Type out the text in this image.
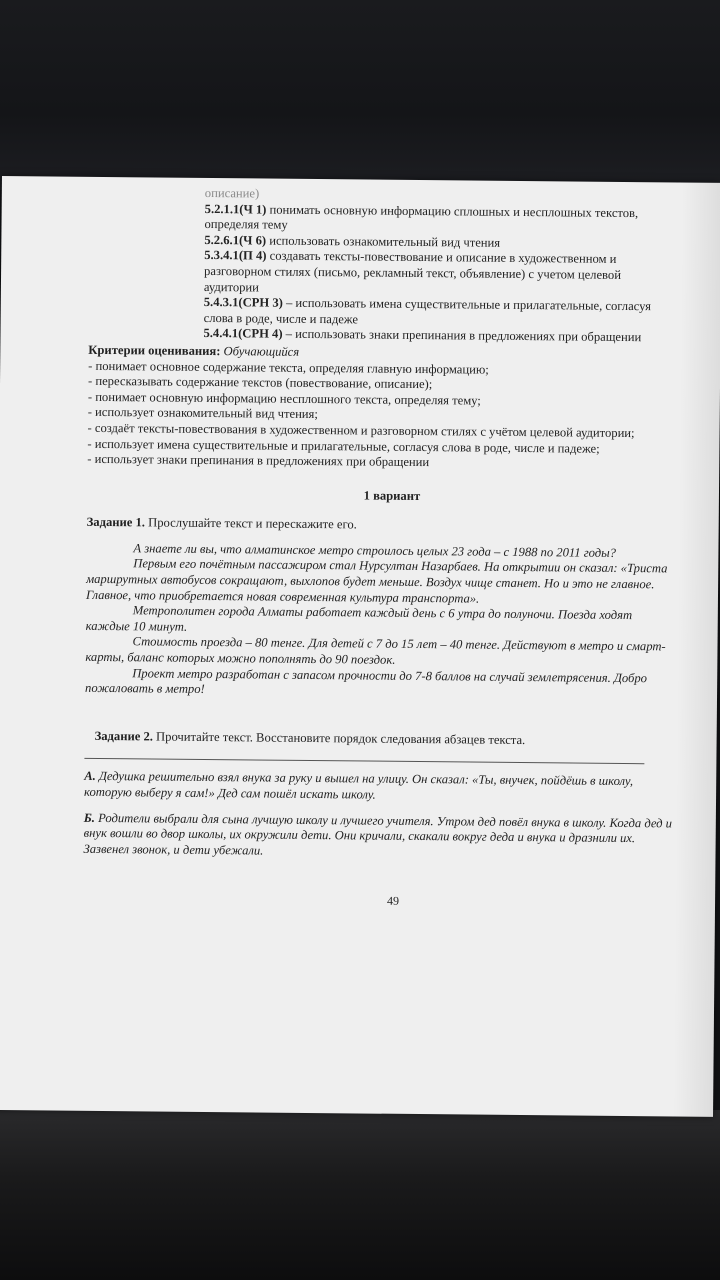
описание)

5.2.1.1(Ч 1) понимать основную информацию сплошных и несплошных текстов, определяя тему

5.2.6.1(Ч 6) использовать ознакомительный вид чтения

5.3.4.1(П 4) создавать тексты-повествование и описание в художественном и разговорном стилях (письмо, рекламный текст, объявление) с учетом целевой аудитории

5.4.3.1(СРН 3) – использовать имена существительные и прилагательные, согласуя слова в роде, числе и падеже

5.4.4.1(СРН 4) – использовать знаки препинания в предложениях при обращении

Критерии оценивания: Обучающийся

- понимает основное содержание текста, определяя главную информацию;

- пересказывать содержание текстов (повествование, описание);

- понимает основную информацию несплошного текста, определяя тему;

- использует ознакомительный вид чтения;

- создаёт тексты-повествования в художественном и разговорном стилях с учётом целевой аудитории;

- использует имена существительные и прилагательные, согласуя слова в роде, числе и падеже;

- использует знаки препинания в предложениях при обращении

1 вариант

Задание 1. Прослушайте текст и перескажите его.

А знаете ли вы, что алматинское метро строилось целых 23 года – с 1988 по 2011 годы?

Первым его почётным пассажиром стал Нурсултан Назарбаев. На открытии он сказал: «Триста маршрутных автобусов сокращают, выхлопов будет меньше. Воздух чище станет. Но и это не главное. Главное, что приобретается новая современная культура транспорта».

Метрополитен города Алматы работает каждый день с 6 утра до полуночи. Поезда ходят каждые 10 минут.

Стоимость проезда – 80 тенге. Для детей с 7 до 15 лет – 40 тенге. Действуют в метро и смарт-карты, баланс которых можно пополнять до 90 поездок.

Проект метро разработан с запасом прочности до 7-8 баллов на случай землетрясения. Добро пожаловать в метро!

Задание 2. Прочитайте текст. Восстановите порядок следования абзацев текста.

А. Дедушка решительно взял внука за руку и вышел на улицу. Он сказал: «Ты, внучек, пойдёшь в школу, которую выберу я сам!» Дед сам пошёл искать школу.

Б. Родители выбрали для сына лучшую школу и лучшего учителя. Утром дед повёл внука в школу. Когда дед и внук вошли во двор школы, их окружили дети. Они кричали, скакали вокруг деда и внука и дразнили их. Зазвенел звонок, и дети убежали.

49
